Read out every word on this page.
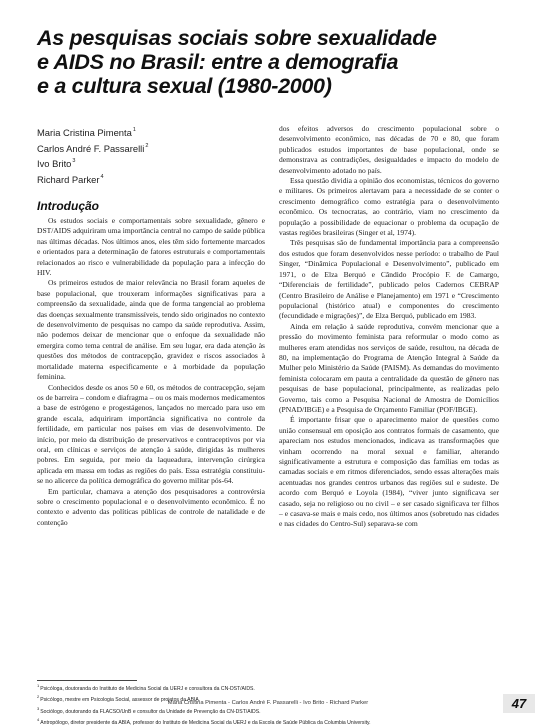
As pesquisas sociais sobre sexualidade
e AIDS no Brasil: entre a demografia
e a cultura sexual (1980-2000)
Maria Cristina Pimenta$^1$
Carlos André F. Passarelli$^2$
Ivo Brito$^3$
Richard Parker$^4$
Introdução

Os estudos sociais e comportamentais sobre sexualidade, gênero e DST/AIDS adquiriram uma importância central no campo de saúde pública nas últimas décadas. Nos últimos anos, eles têm sido fortemente marcados e orientados para a determinação de fatores estruturais e comportamentais relacionados ao risco e vulnerabilidade da população para a infecção do HIV.

Os primeiros estudos de maior relevância no Brasil foram aqueles de base populacional, que trouxeram informações significativas para a compreensão da sexualidade, ainda que de forma tangencial ao problema das doenças sexualmente transmissíveis, tendo sido originados no contexto de desenvolvimento de pesquisas no campo da saúde reprodutiva. Assim, não podemos deixar de mencionar que o enfoque da sexualidade não emergira como tema central de análise. Em seu lugar, era dada atenção às questões dos métodos de contracepção, gravidez e riscos associados à mortalidade materna especificamente e à morbidade da população feminina.

Conhecidos desde os anos 50 e 60, os métodos de contracepção, sejam os de barreira – condom e diafragma – ou os mais modernos medicamentos a base de estrógeno e progestágenos, lançados no mercado para uso em grande escala, adquiriram importância significativa no controle da fertilidade, em particular nos países em vias de desenvolvimento. De início, por meio da distribuição de preservativos e contraceptivos por via oral, em clínicas e serviços de atenção à saúde, dirigidas às mulheres pobres. Em seguida, por meio da laqueadura, intervenção cirúrgica aplicada em massa em todas as regiões do país. Essa estratégia constituiu-se no alicerce da política demográfica do governo militar pós-64.

Em particular, chamava a atenção dos pesquisadores a controvérsia sobre o crescimento populacional e o desenvolvimento econômico. É no contexto e advento das políticas públicas de controle de natalidade e de contenção

dos efeitos adversos do crescimento populacional sobre o desenvolvimento econômico, nas décadas de 70 e 80, que foram publicados estudos importantes de base populacional, onde se demonstrava as contradições, desigualdades e impacto do modelo de desenvolvimento adotado no país.

Essa questão dividia a opinião dos economistas, técnicos do governo e militares. Os primeiros alertavam para a necessidade de se conter o crescimento demográfico como estratégia para o desenvolvimento econômico. Os tecnocratas, ao contrário, viam no crescimento da população a possibilidade de equacionar o problema da ocupação de vastas regiões brasileiras (Singer et al, 1974).

Três pesquisas são de fundamental importância para a compreensão dos estudos que foram desenvolvidos nesse período: o trabalho de Paul Singer, “Dinâmica Populacional e Desenvolvimento”, publicado em 1971, o de Elza Berquó e Cândido Procópio F. de Camargo, “Diferenciais de fertilidade”, publicado pelos Cadernos CEBRAP (Centro Brasileiro de Análise e Planejamento) em 1971 e “Crescimento populacional (histórico atual) e componentes do crescimento (fecundidade e migrações)”, de Elza Berquó, publicado em 1983.

Ainda em relação à saúde reprodutiva, convém mencionar que a pressão do movimento feminista para reformular o modo como as mulheres eram atendidas nos serviços de saúde, resultou, na década de 80, na implementação do Programa de Atenção Integral à Saúde da Mulher pelo Ministério da Saúde (PAISM). As demandas do movimento feminista colocaram em pauta a centralidade da questão de gênero nas pesquisas de base populacional, principalmente, as realizadas pelo Governo, tais como a Pesquisa Nacional de Amostra de Domicílios (PNAD/IBGE) e a Pesquisa de Orçamento Familiar (POF/IBGE).

É importante frisar que o aparecimento maior de questões como união consensual em oposição aos contratos formais de casamento, que apareciam nos estudos mencionados, indicava as transformações que vinham ocorrendo na moral sexual e familiar, alterando significativamente a estrutura e composição das famílias em todas as camadas sociais e em ritmos diferenciados, sendo essas alterações mais acentuadas nos grandes centros urbanos das regiões sul e sudeste. De acordo com Berquó e Loyola (1984), “viver junto significava ser casado, seja no religioso ou no civil – e ser casado significava ter filhos – e casava-se mais e mais cedo, nos últimos anos (sobretudo nas cidades e nas cidades do Centro-Sul) separava-se com

$^1$Psicóloga, doutoranda do Instituto de Medicina Social da UERJ e consultora da CN-DST/AIDS.
$^2$Psicólogo, mestre em Psicologia Social, assessor de projetos da ABIA.
$^3$Sociólogo, doutorando da FLACSO/UnB e consultor da Unidade de Prevenção da CN-DST/AIDS.
$^4$Antropólogo, diretor presidente da ABIA, professor do Instituto de Medicina Social da UERJ e da Escola de Saúde Pública da Columbia University.
Maria Cristina Pimenta - Carlos André F. Passarelli - Ivo Brito - Richard Parker	47
